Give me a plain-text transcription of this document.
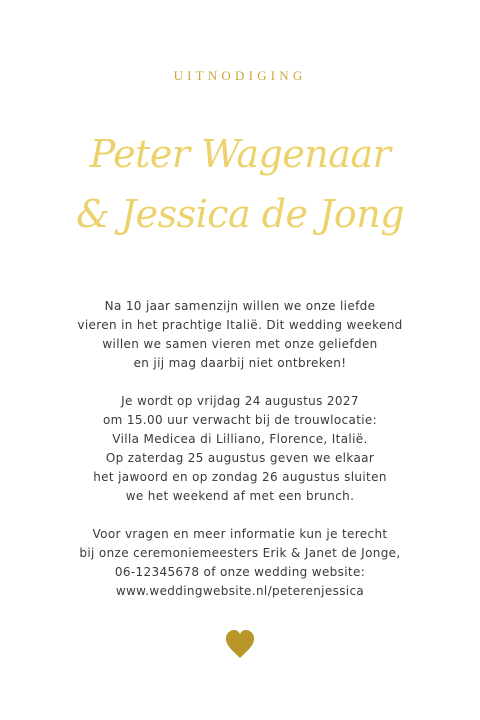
UITNODIGING
Peter Wagenaar
& Jessica de Jong
Na 10 jaar samenzijn willen we onze liefde
vieren in het prachtige Italië. Dit wedding weekend
willen we samen vieren met onze geliefden
en jij mag daarbij niet ontbreken!
Je wordt op vrijdag 24 augustus 2027
om 15.00 uur verwacht bij de trouwlocatie:
Villa Medicea di Lilliano, Florence, Italië.
Op zaterdag 25 augustus geven we elkaar
het jawoord en op zondag 26 augustus sluiten
we het weekend af met een brunch.
Voor vragen en meer informatie kun je terecht
bij onze ceremoniemeesters Erik & Janet de Jonge,
06-12345678 of onze wedding website:
www.weddingwebsite.nl/peterenjessica
